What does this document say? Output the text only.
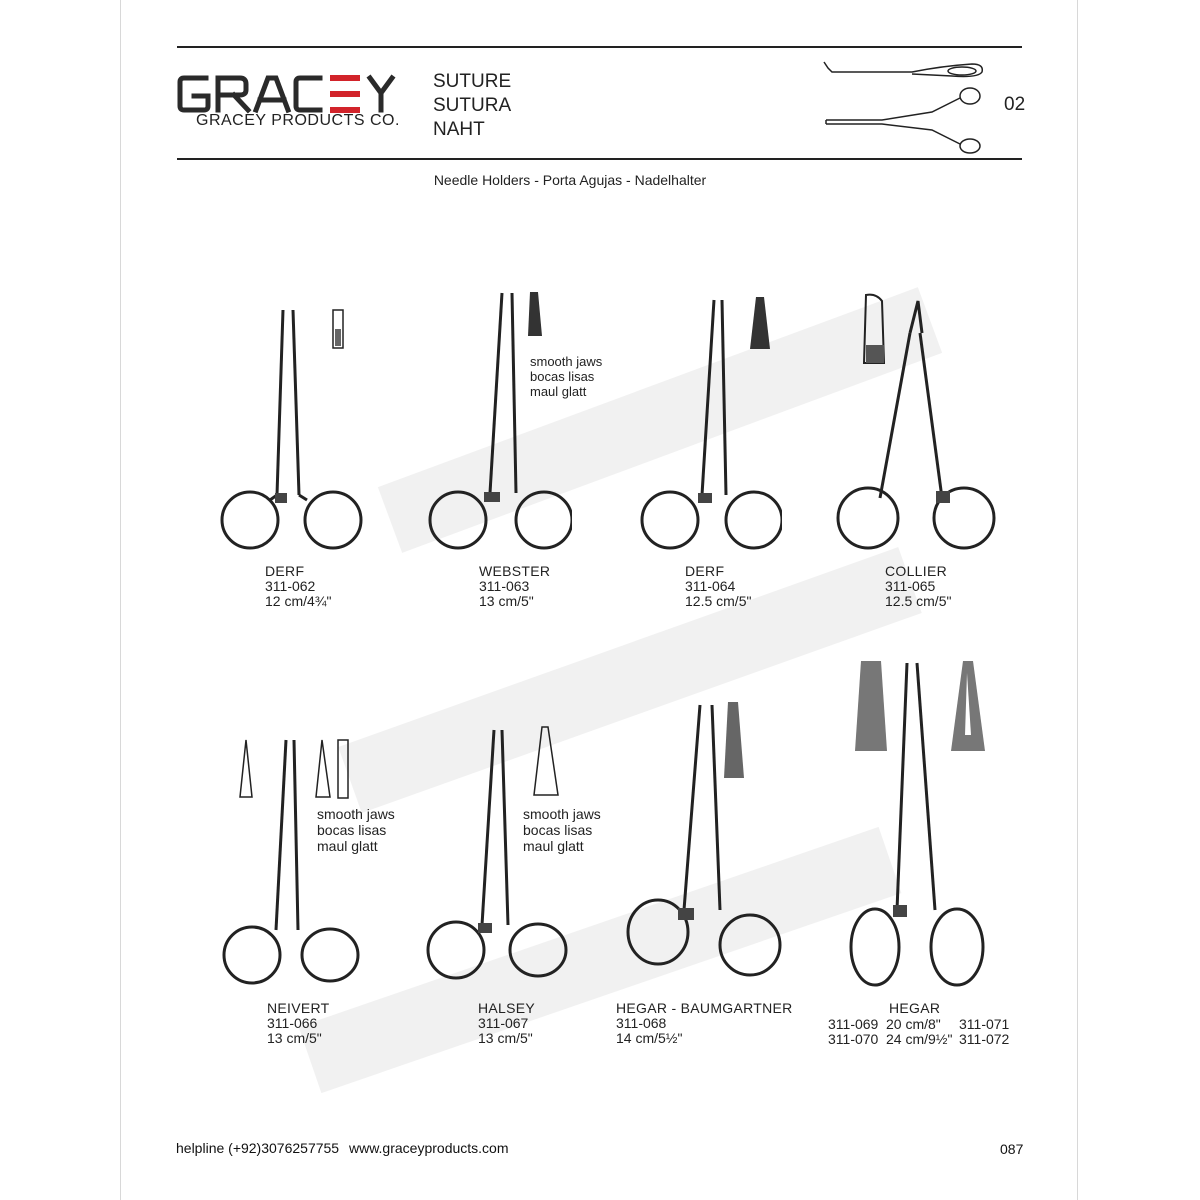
GRACEY PRODUCTS CO.
SUTURE
SUTURA
NAHT
02
Needle Holders - Porta Agujas - Nadelhalter
smooth jaws
bocas lisas
maul glatt
smooth jaws
bocas lisas
maul glatt
smooth jaws
bocas lisas
maul glatt
DERF
311-062
12 cm/4¾"
WEBSTER
311-063
13 cm/5"
DERF
311-064
12.5 cm/5"
COLLIER
311-065
12.5 cm/5"
NEIVERT
311-066
13 cm/5"
HALSEY
311-067
13 cm/5"
HEGAR - BAUMGARTNER
311-068
14 cm/5½"
HEGAR
311-069 20 cm/8"	311-071
311-070 24 cm/9½" 311-072
helpline (+92)3076257755 www.graceyproducts.com	087
